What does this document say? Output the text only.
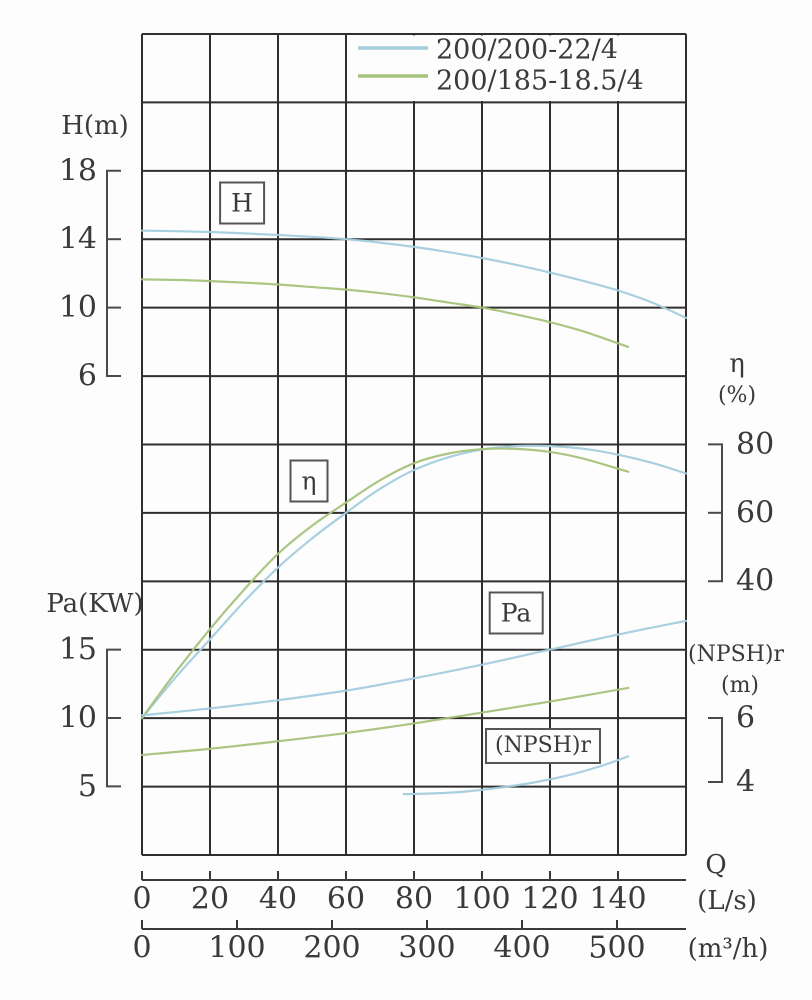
18
14
10
6
15
10
5
80
60
40
6
4
0 20 40 60 80 100 120 140
0 100 200 300 400 500
200/200-22/4
200/185-18.5/4
H(m)
Pa(KW)
η
(%)
(NPSH)r
(m)
Q
(L/s)
(m³/h)
H
η
Pa
(NPSH)r
